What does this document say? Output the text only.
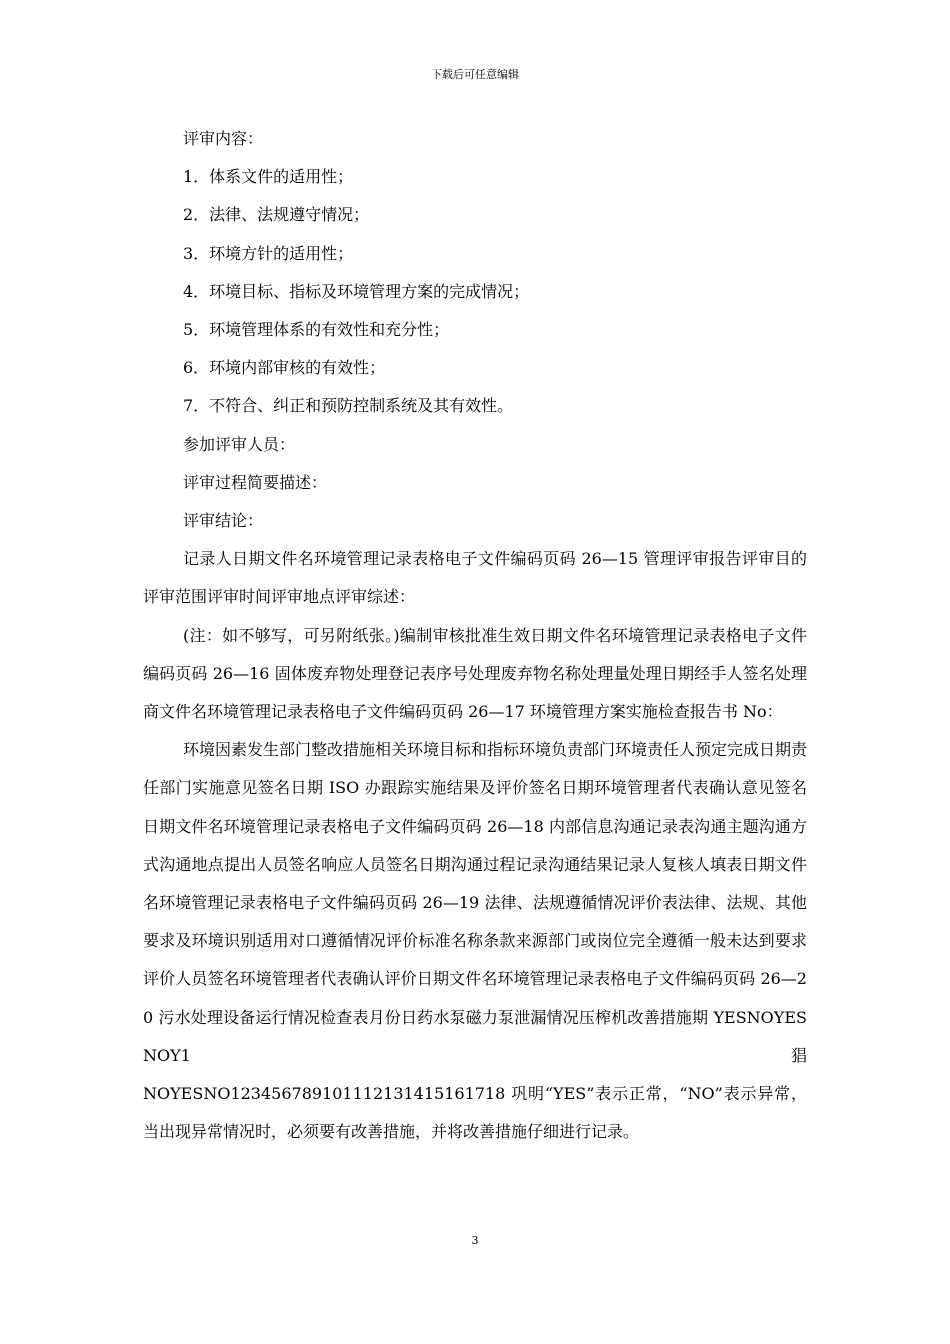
下载后可任意编辑

评审内容：

1．体系文件的适用性；

2．法律、法规遵守情况；

3．环境方针的适用性；

4．环境目标、指标及环境管理方案的完成情况；

5．环境管理体系的有效性和充分性；

6．环境内部审核的有效性；

7．不符合、纠正和预防控制系统及其有效性。

参加评审人员：

评审过程简要描述：

评审结论：

记录人日期文件名环境管理记录表格电子文件编码页码 26—15 管理评审报告评审目的评审范围评审时间评审地点评审综述：

(注：如不够写，可另附纸张。)编制审核批准生效日期文件名环境管理记录表格电子文件编码页码 26—16 固体废弃物处理登记表序号处理废弃物名称处理量处理日期经手人签名处理商文件名环境管理记录表格电子文件编码页码 26—17 环境管理方案实施检查报告书 No：

环境因素发生部门整改措施相关环境目标和指标环境负责部门环境责任人预定完成日期责任部门实施意见签名日期 ISO 办跟踪实施结果及评价签名日期环境管理者代表确认意见签名日期文件名环境管理记录表格电子文件编码页码 26—18 内部信息沟通记录表沟通主题沟通方式沟通地点提出人员签名响应人员签名日期沟通过程记录沟通结果记录人复核人填表日期文件名环境管理记录表格电子文件编码页码 26—19 法律、法规遵循情况评价表法律、法规、其他要求及环境识别适用对口遵循情况评价标准名称条款来源部门或岗位完全遵循一般未达到要求评价人员签名环境管理者代表确认评价日期文件名环境管理记录表格电子文件编码页码 26—20 污水处理设备运行情况检查表月份日药水泵磁力泵泄漏情况压榨机改善措施期 YESNOYESNOY1 猖

NOYESNO123456789101112131415161718 巩明“YES”表示正常，“NO”表示异常，当出现异常情况时，必须要有改善措施，并将改善措施仔细进行记录。

3
